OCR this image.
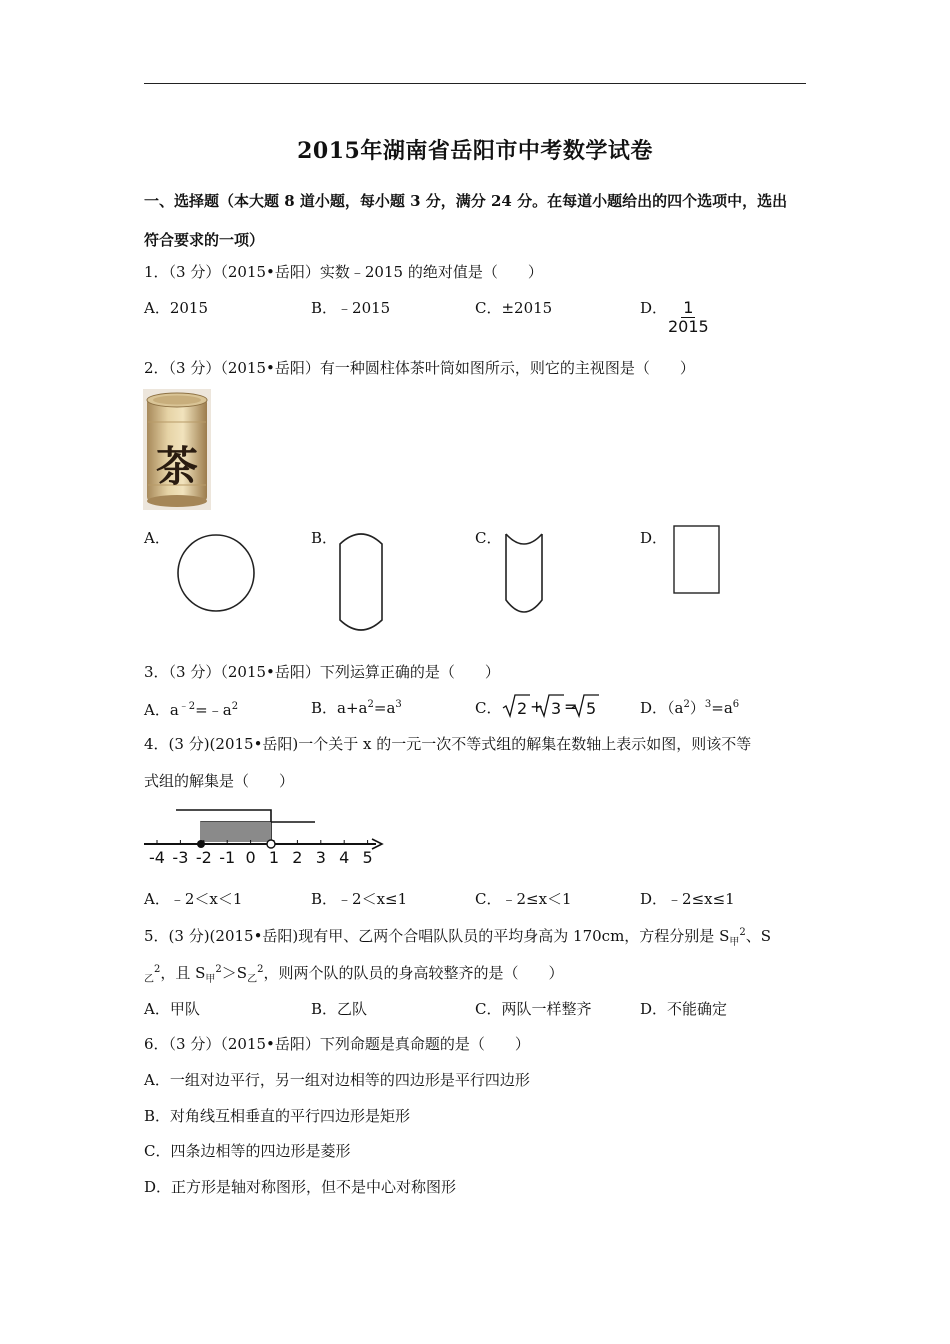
2015年湖南省岳阳市中考数学试卷
一、选择题（本大题 8 道小题，每小题 3 分，满分 24 分。在每道小题给出的四个选项中，选出
符合要求的一项）
1．（3 分）（2015•岳阳）实数﹣2015 的绝对值是（　　）
A．2015	B．﹣2015	C．±2015	D． $\frac{1}{2015}$
2．（3 分）（2015•岳阳）有一种圆柱体茶叶筒如图所示，则它的主视图是（　　）
茶
A．	B．	C．	D．
3．（3 分）（2015•岳阳）下列运算正确的是（　　）
A．$a^{﹣2}=﹣a^2$	B．$a+a^2=a^3$	C． 2 + 3 = 5	D．$(a^2)^3=a^6$
4．(3 分)(2015•岳阳)一个关于 x 的一元一次不等式组的解集在数轴上表示如图，则该不等
式组的解集是（　　）
-4 -3 -2 -1 0 1 2 3 4 5
A．﹣2＜x＜1	B．﹣2＜x≤1	C．﹣2≤x＜1	D．﹣2≤x≤1
5．(3 分)(2015•岳阳)现有甲、乙两个合唱队队员的平均身高为 170cm，方程分别是 $S_甲^2$、S
$_乙^2$，且 $S_甲^2>S_乙^2$，则两个队的队员的身高较整齐的是（　　）
A．甲队	B．乙队	C．两队一样整齐	D．不能确定
6．（3 分）（2015•岳阳）下列命题是真命题的是（　　）
A．一组对边平行，另一组对边相等的四边形是平行四边形
B．对角线互相垂直的平行四边形是矩形
C．四条边相等的四边形是菱形
D．正方形是轴对称图形，但不是中心对称图形
